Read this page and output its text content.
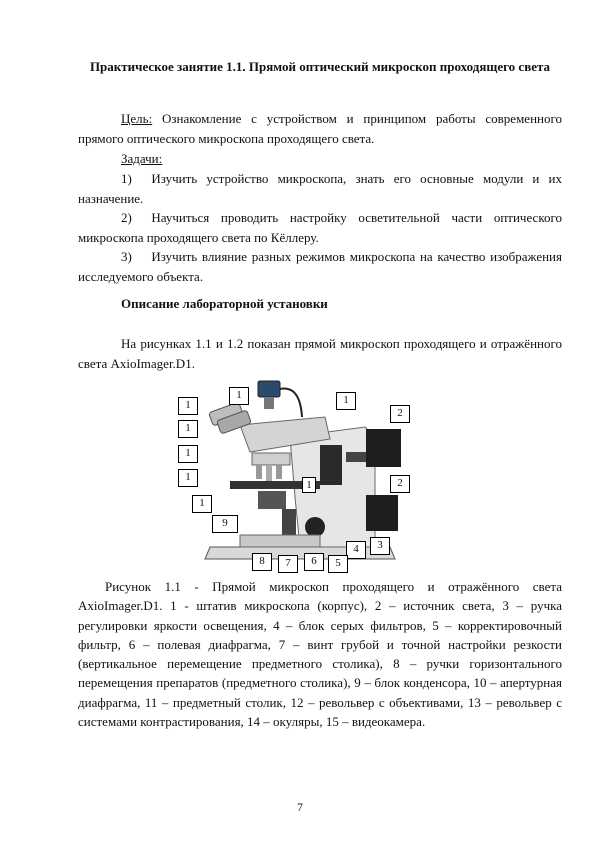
Практическое занятие 1.1. Прямой оптический микроскоп проходящего света

Цель: Ознакомление с устройством и принципом работы современного прямого оптического микроскопа проходящего света.

Задачи:

1)   Изучить устройство микроскопа, знать его основные модули и их назначение.

2)   Научиться проводить настройку осветительной части оптического микроскопа проходящего света по Кёллеру.

3)   Изучить влияние разных режимов микроскопа на качество изображения исследуемого объекта.

Описание лабораторной установки

На рисунках 1.1 и 1.2 показан прямой микроскоп проходящего и отражённого света AxioImager.D1.

1
1
1
1
1
1
1
1
2
2
3
4
5
6
7
8
9

Рисунок 1.1 - Прямой микроскоп проходящего и отражённого света AxioImager.D1. 1 - штатив микроскопа (корпус), 2 – источник света, 3 – ручка регулировки яркости освещения, 4 – блок серых фильтров, 5 – корректировочный фильтр, 6 – полевая диафрагма, 7 – винт грубой и точной настройки резкости (вертикальное перемещение предметного столика), 8 – ручки горизонтального перемещения препаратов (предметного столика), 9 – блок конденсора, 10 – апертурная диафрагма, 11 – предметный столик, 12 – револьвер с объективами, 13 – револьвер с системами контрастирования, 14 – окуляры, 15 – видеокамера.

7
